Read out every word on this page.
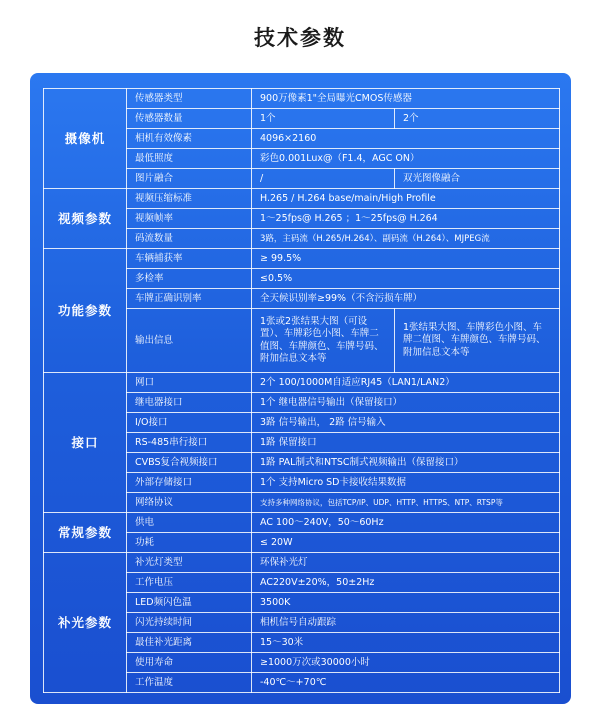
技术参数
摄像机	传感器类型	900万像素1"全局曝光CMOS传感器	
	传感器数量	1个	2个
	相机有效像素	4096×2160	
	最低照度	彩色0.001Lux@（F1.4，AGC ON）	
	图片融合	/	双光图像融合
视频参数	视频压缩标准	H.265 / H.264 base/main/High Profile	
	视频帧率	1～25fps@ H.265 ；1～25fps@ H.264	
	码流数量	3路，主码流（H.265/H.264）、副码流（H.264）、MJPEG流	
功能参数	车辆捕获率	≥ 99.5%	
	多检率	≤0.5%	
	车牌正确识别率	全天候识别率≥99%（不含污损车牌）	
	输出信息	1张或2张结果大图（可设置）、车牌彩色小图、车牌二值图、车牌颜色、车牌号码、附加信息文本等	1张结果大图、车牌彩色小图、车牌二值图、车牌颜色、车牌号码、附加信息文本等
接口	网口	2个 100/1000M自适应RJ45（LAN1/LAN2）	
	继电器接口	1个 继电器信号输出（保留接口）	
	I/O接口	3路 信号输出， 2路 信号输入	
	RS-485串行接口	1路 保留接口	
	CVBS复合视频接口	1路 PAL制式和NTSC制式视频输出（保留接口）	
	外部存储接口	1个 支持Micro SD卡接收结果数据	
	网络协议	支持多种网络协议，包括TCP/IP、UDP、HTTP、HTTPS、NTP、RTSP等	
常规参数	供电	AC 100～240V，50～60Hz	
	功耗	≤ 20W	
补光参数	补光灯类型	环保补光灯	
	工作电压	AC220V±20%，50±2Hz	
	LED频闪色温	3500K	
	闪光持续时间	相机信号自动跟踪	
	最佳补光距离	15～30米	
	使用寿命	≥1000万次或30000小时	
	工作温度	-40℃～+70℃	
